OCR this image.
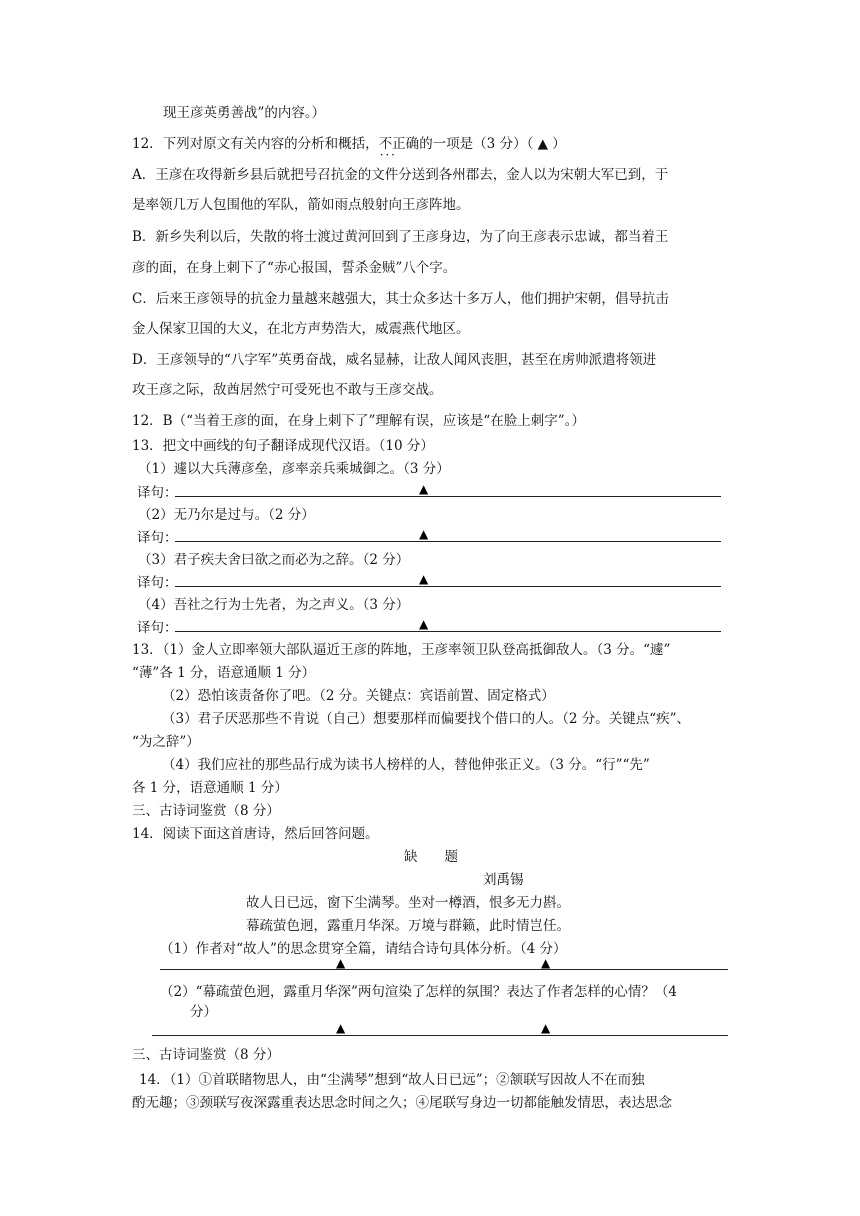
现王彦英勇善战”的内容。）
12．下列对原文有关内容的分析和概括，不正确 · · ·的一项是（3 分）（ ▲ ）
A．王彦在攻得新乡县后就把号召抗金的文件分送到各州郡去，金人以为宋朝大军已到，于
是率领几万人包围他的军队，箭如雨点般射向王彦阵地。
B．新乡失利以后，失散的将士渡过黄河回到了王彦身边，为了向王彦表示忠诚，都当着王
彦的面，在身上刺下了“赤心报国，誓杀金贼”八个字。
C．后来王彦领导的抗金力量越来越强大，其士众多达十多万人，他们拥护宋朝，倡导抗击
金人保家卫国的大义，在北方声势浩大，威震燕代地区。
D．王彦领导的“八字军”英勇奋战，威名显赫，让敌人闻风丧胆，甚至在虏帅派遣将领进
攻王彦之际，敌酋居然宁可受死也不敢与王彦交战。
12．B（“当着王彦的面，在身上刺下了”理解有误，应该是“在脸上刺字”。）
13．把文中画线的句子翻译成现代汉语。（10 分）
（1）遽以大兵薄彦垒，彦率亲兵乘城御之。（3 分）
译句：	▲
（2）无乃尔是过与。（2 分）
译句：	▲
（3）君子疾夫舍曰欲之而必为之辞。（2 分）
译句：	▲
（4）吾社之行为士先者，为之声义。（3 分）
译句：	▲
13．（1）金人立即率领大部队逼近王彦的阵地，王彦率领卫队登高抵御敌人。（3 分。“遽”
“薄”各 1 分，语意通顺 1 分）
（2）恐怕该责备你了吧。（2 分。关键点：宾语前置、固定格式）
（3）君子厌恶那些不肯说（自己）想要那样而偏要找个借口的人。（2 分。关键点“疾”、
“为之辞”）
（4）我们应社的那些品行成为读书人榜样的人，替他伸张正义。（3 分。“行”“先”
各 1 分，语意通顺 1 分）
三、古诗词鉴赏（8 分）
14．阅读下面这首唐诗，然后回答问题。
缺　　题
刘禹锡
故人日已远，窗下尘满琴。坐对一樽酒，恨多无力斟。
幕疏萤色迥，露重月华深。万境与群籁，此时情岂任。
（1）作者对“故人”的思念贯穿全篇，请结合诗句具体分析。（4 分）
▲	▲
（2）“幕疏萤色迥，露重月华深”两句渲染了怎样的氛围？表达了作者怎样的心情？（4
分）
▲	▲
三、古诗词鉴赏（8 分）
14．（1）①首联睹物思人，由“尘满琴”想到“故人日已远”；②颔联写因故人不在而独
酌无趣；③颈联写夜深露重表达思念时间之久；④尾联写身边一切都能触发情思，表达思念
